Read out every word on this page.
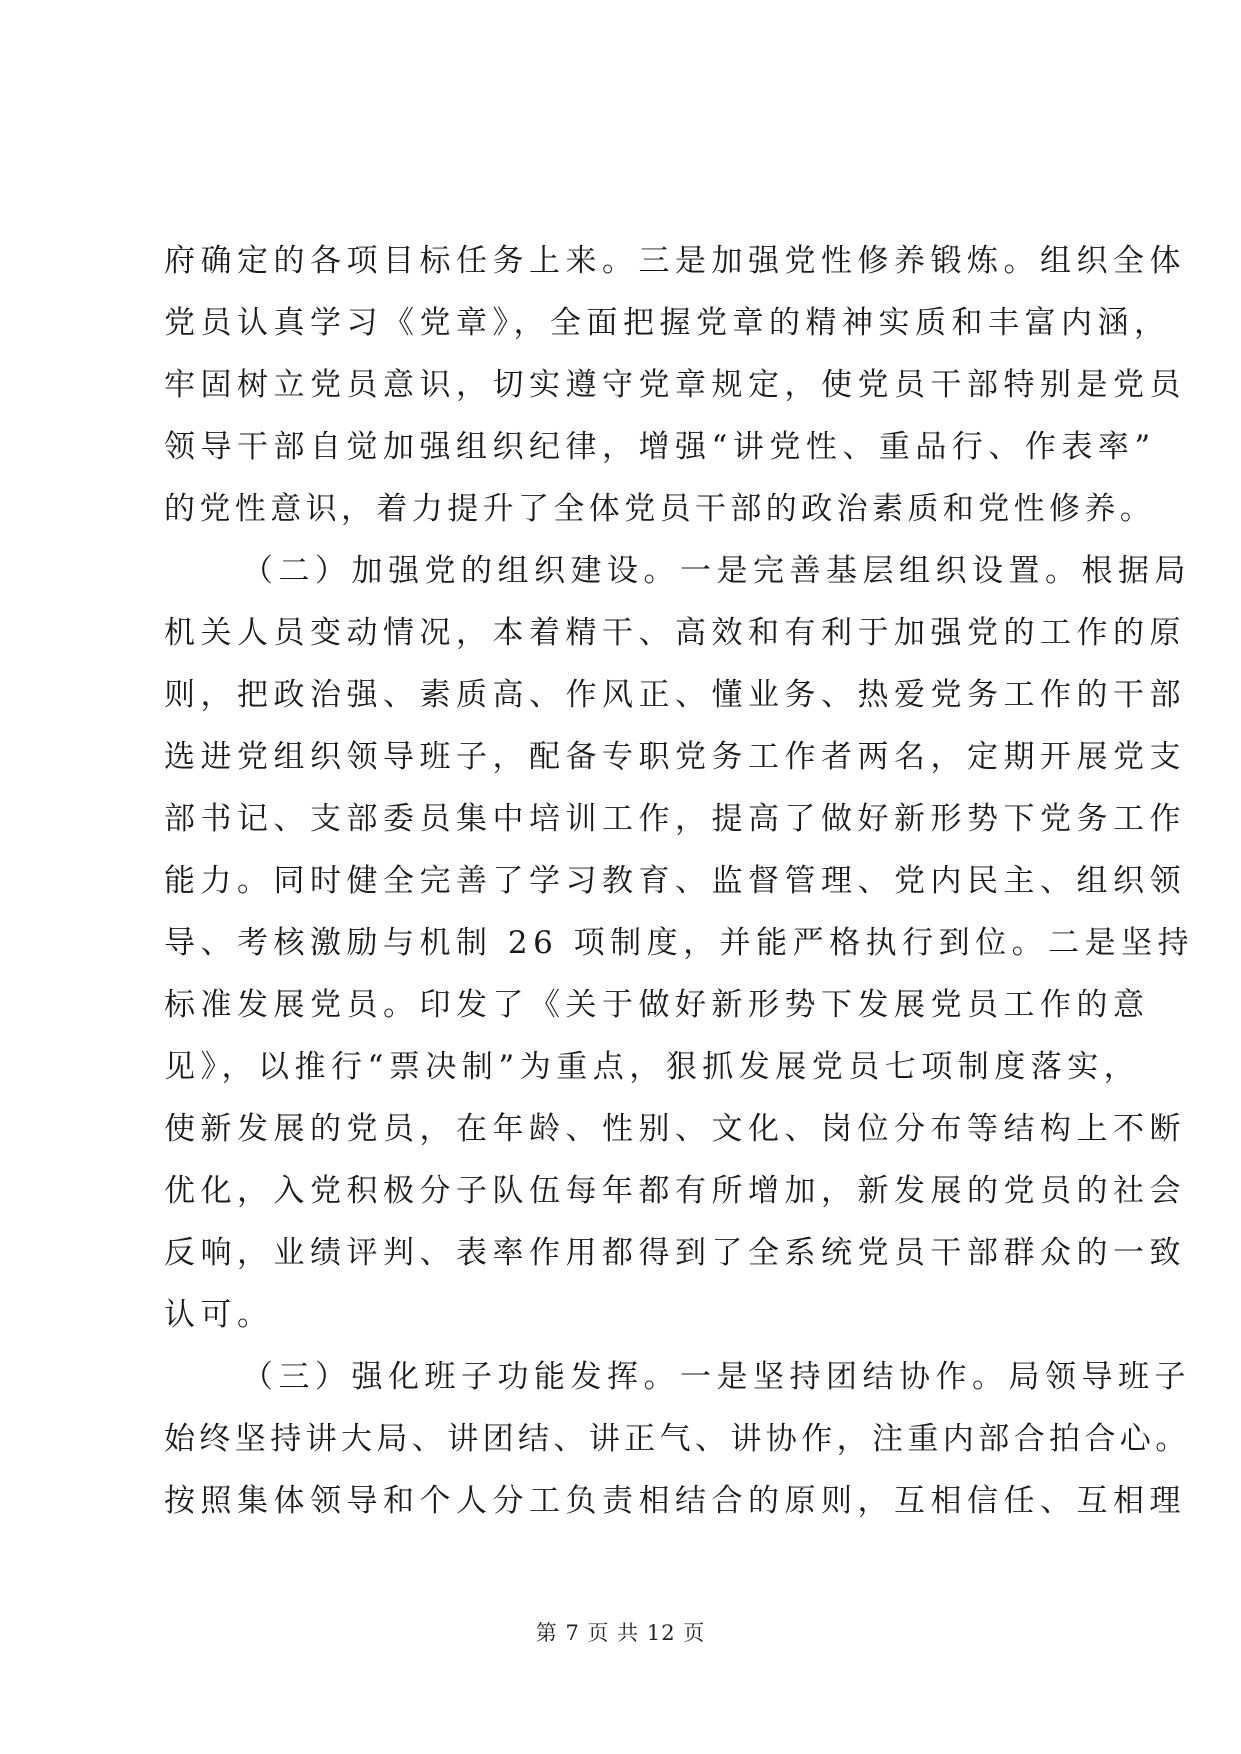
府确定的各项目标任务上来。三是加强党性修养锻炼。组织全体
党员认真学习《党章》，全面把握党章的精神实质和丰富内涵，
牢固树立党员意识，切实遵守党章规定，使党员干部特别是党员
领导干部自觉加强组织纪律，增强“讲党性、重品行、作表率”
的党性意识，着力提升了全体党员干部的政治素质和党性修养。
（二）加强党的组织建设。一是完善基层组织设置。根据局
机关人员变动情况，本着精干、高效和有利于加强党的工作的原
则，把政治强、素质高、作风正、懂业务、热爱党务工作的干部
选进党组织领导班子，配备专职党务工作者两名，定期开展党支
部书记、支部委员集中培训工作，提高了做好新形势下党务工作
能力。同时健全完善了学习教育、监督管理、党内民主、组织领
导、考核激励与机制 26 项制度，并能严格执行到位。二是坚持
标准发展党员。印发了《关于做好新形势下发展党员工作的意
见》，以推行“票决制”为重点，狠抓发展党员七项制度落实，
使新发展的党员，在年龄、性别、文化、岗位分布等结构上不断
优化，入党积极分子队伍每年都有所增加，新发展的党员的社会
反响，业绩评判、表率作用都得到了全系统党员干部群众的一致
认可。
（三）强化班子功能发挥。一是坚持团结协作。局领导班子
始终坚持讲大局、讲团结、讲正气、讲协作，注重内部合拍合心。
按照集体领导和个人分工负责相结合的原则，互相信任、互相理
第 7 页 共 12 页
